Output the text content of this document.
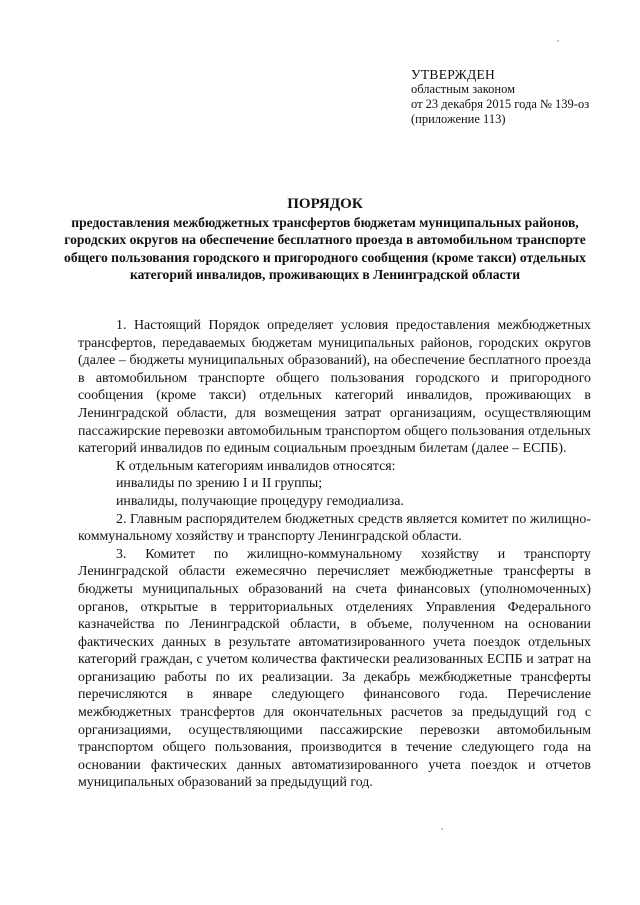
УТВЕРЖДЕН
областным законом
от 23 декабря 2015 года № 139-оз
(приложение 113)
ПОРЯДОК
предоставления межбюджетных трансфертов бюджетам муниципальных районов, городских округов на обеспечение бесплатного проезда в автомобильном транспорте общего пользования городского и пригородного сообщения (кроме такси) отдельных категорий инвалидов, проживающих в Ленинградской области

1. Настоящий Порядок определяет условия предоставления межбюджетных трансфертов, передаваемых бюджетам муниципальных районов, городских округов (далее – бюджеты муниципальных образований), на обеспечение бесплатного проезда в автомобильном транспорте общего пользования городского и пригородного сообщения (кроме такси) отдельных категорий инвалидов, проживающих в Ленинградской области, для возмещения затрат организациям, осуществляющим пассажирские перевозки автомобильным транспортом общего пользования отдельных категорий инвалидов по единым социальным проездным билетам (далее – ЕСПБ).

К отдельным категориям инвалидов относятся:

инвалиды по зрению I и II группы;

инвалиды, получающие процедуру гемодиализа.

2. Главным распорядителем бюджетных средств является комитет по жилищно-коммунальному хозяйству и транспорту Ленинградской области.

3. Комитет по жилищно-коммунальному хозяйству и транспорту Ленинградской области ежемесячно перечисляет межбюджетные трансферты в бюджеты муниципальных образований на счета финансовых (уполномоченных) органов, открытые в территориальных отделениях Управления Федерального казначейства по Ленинградской области, в объеме, полученном на основании фактических данных в результате автоматизированного учета поездок отдельных категорий граждан, с учетом количества фактически реализованных ЕСПБ и затрат на организацию работы по их реализации. За декабрь межбюджетные трансферты перечисляются в январе следующего финансового года. Перечисление межбюджетных трансфертов для окончательных расчетов за предыдущий год с организациями, осуществляющими пассажирские перевозки автомобильным транспортом общего пользования, производится в течение следующего года на основании фактических данных автоматизированного учета поездок и отчетов муниципальных образований за предыдущий год.
